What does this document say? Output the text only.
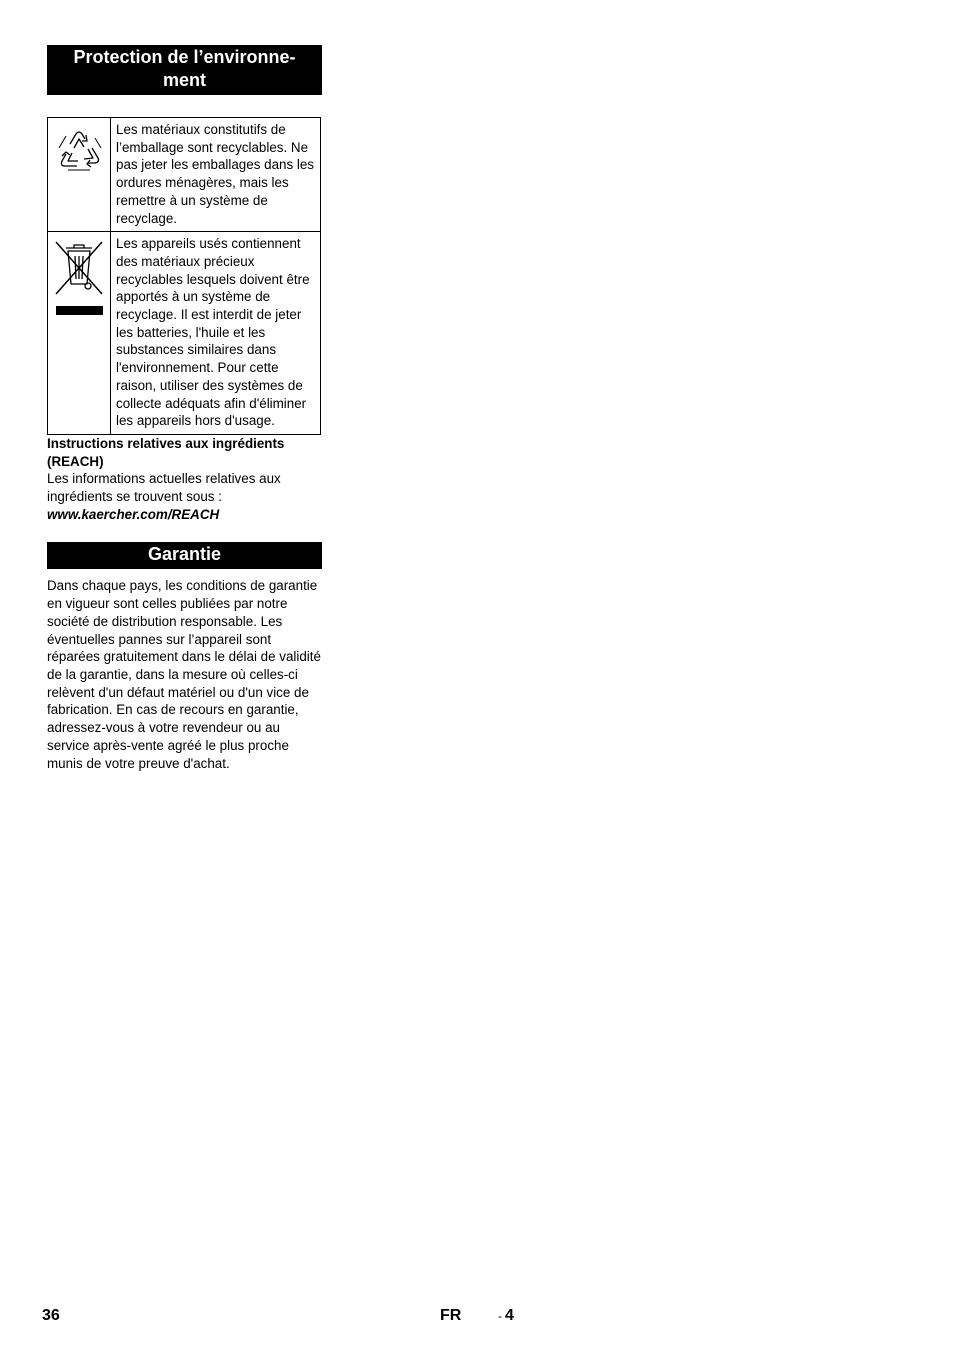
Protection de l’environne-ment
	Les matériaux constitutifs de l’emballage sont recyclables. Ne pas jeter les emballages dans les ordures ménagères, mais les remettre à un système de recyclage.

	Les appareils usés contiennent des matériaux précieux recyclables lesquels doivent être apportés à un système de recyclage. Il est interdit de jeter les batteries, l'huile et les substances similaires dans l'environnement. Pour cette raison, utiliser des systèmes de collecte adéquats afin d'éliminer les appareils hors d'usage.
Instructions relatives aux ingrédients (REACH)
Les informations actuelles relatives aux ingrédients se trouvent sous :
www.kaercher.com/REACH
Garantie
Dans chaque pays, les conditions de garantie en vigueur sont celles publiées par notre société de distribution responsable. Les éventuelles pannes sur l’appareil sont réparées gratuitement dans le délai de validité de la garantie, dans la mesure où celles-ci relèvent d'un défaut matériel ou d'un vice de fabrication. En cas de recours en garantie, adressez-vous à votre revendeur ou au service après-vente agréé le plus proche munis de votre preuve d'achat.
36	FR	- 4
